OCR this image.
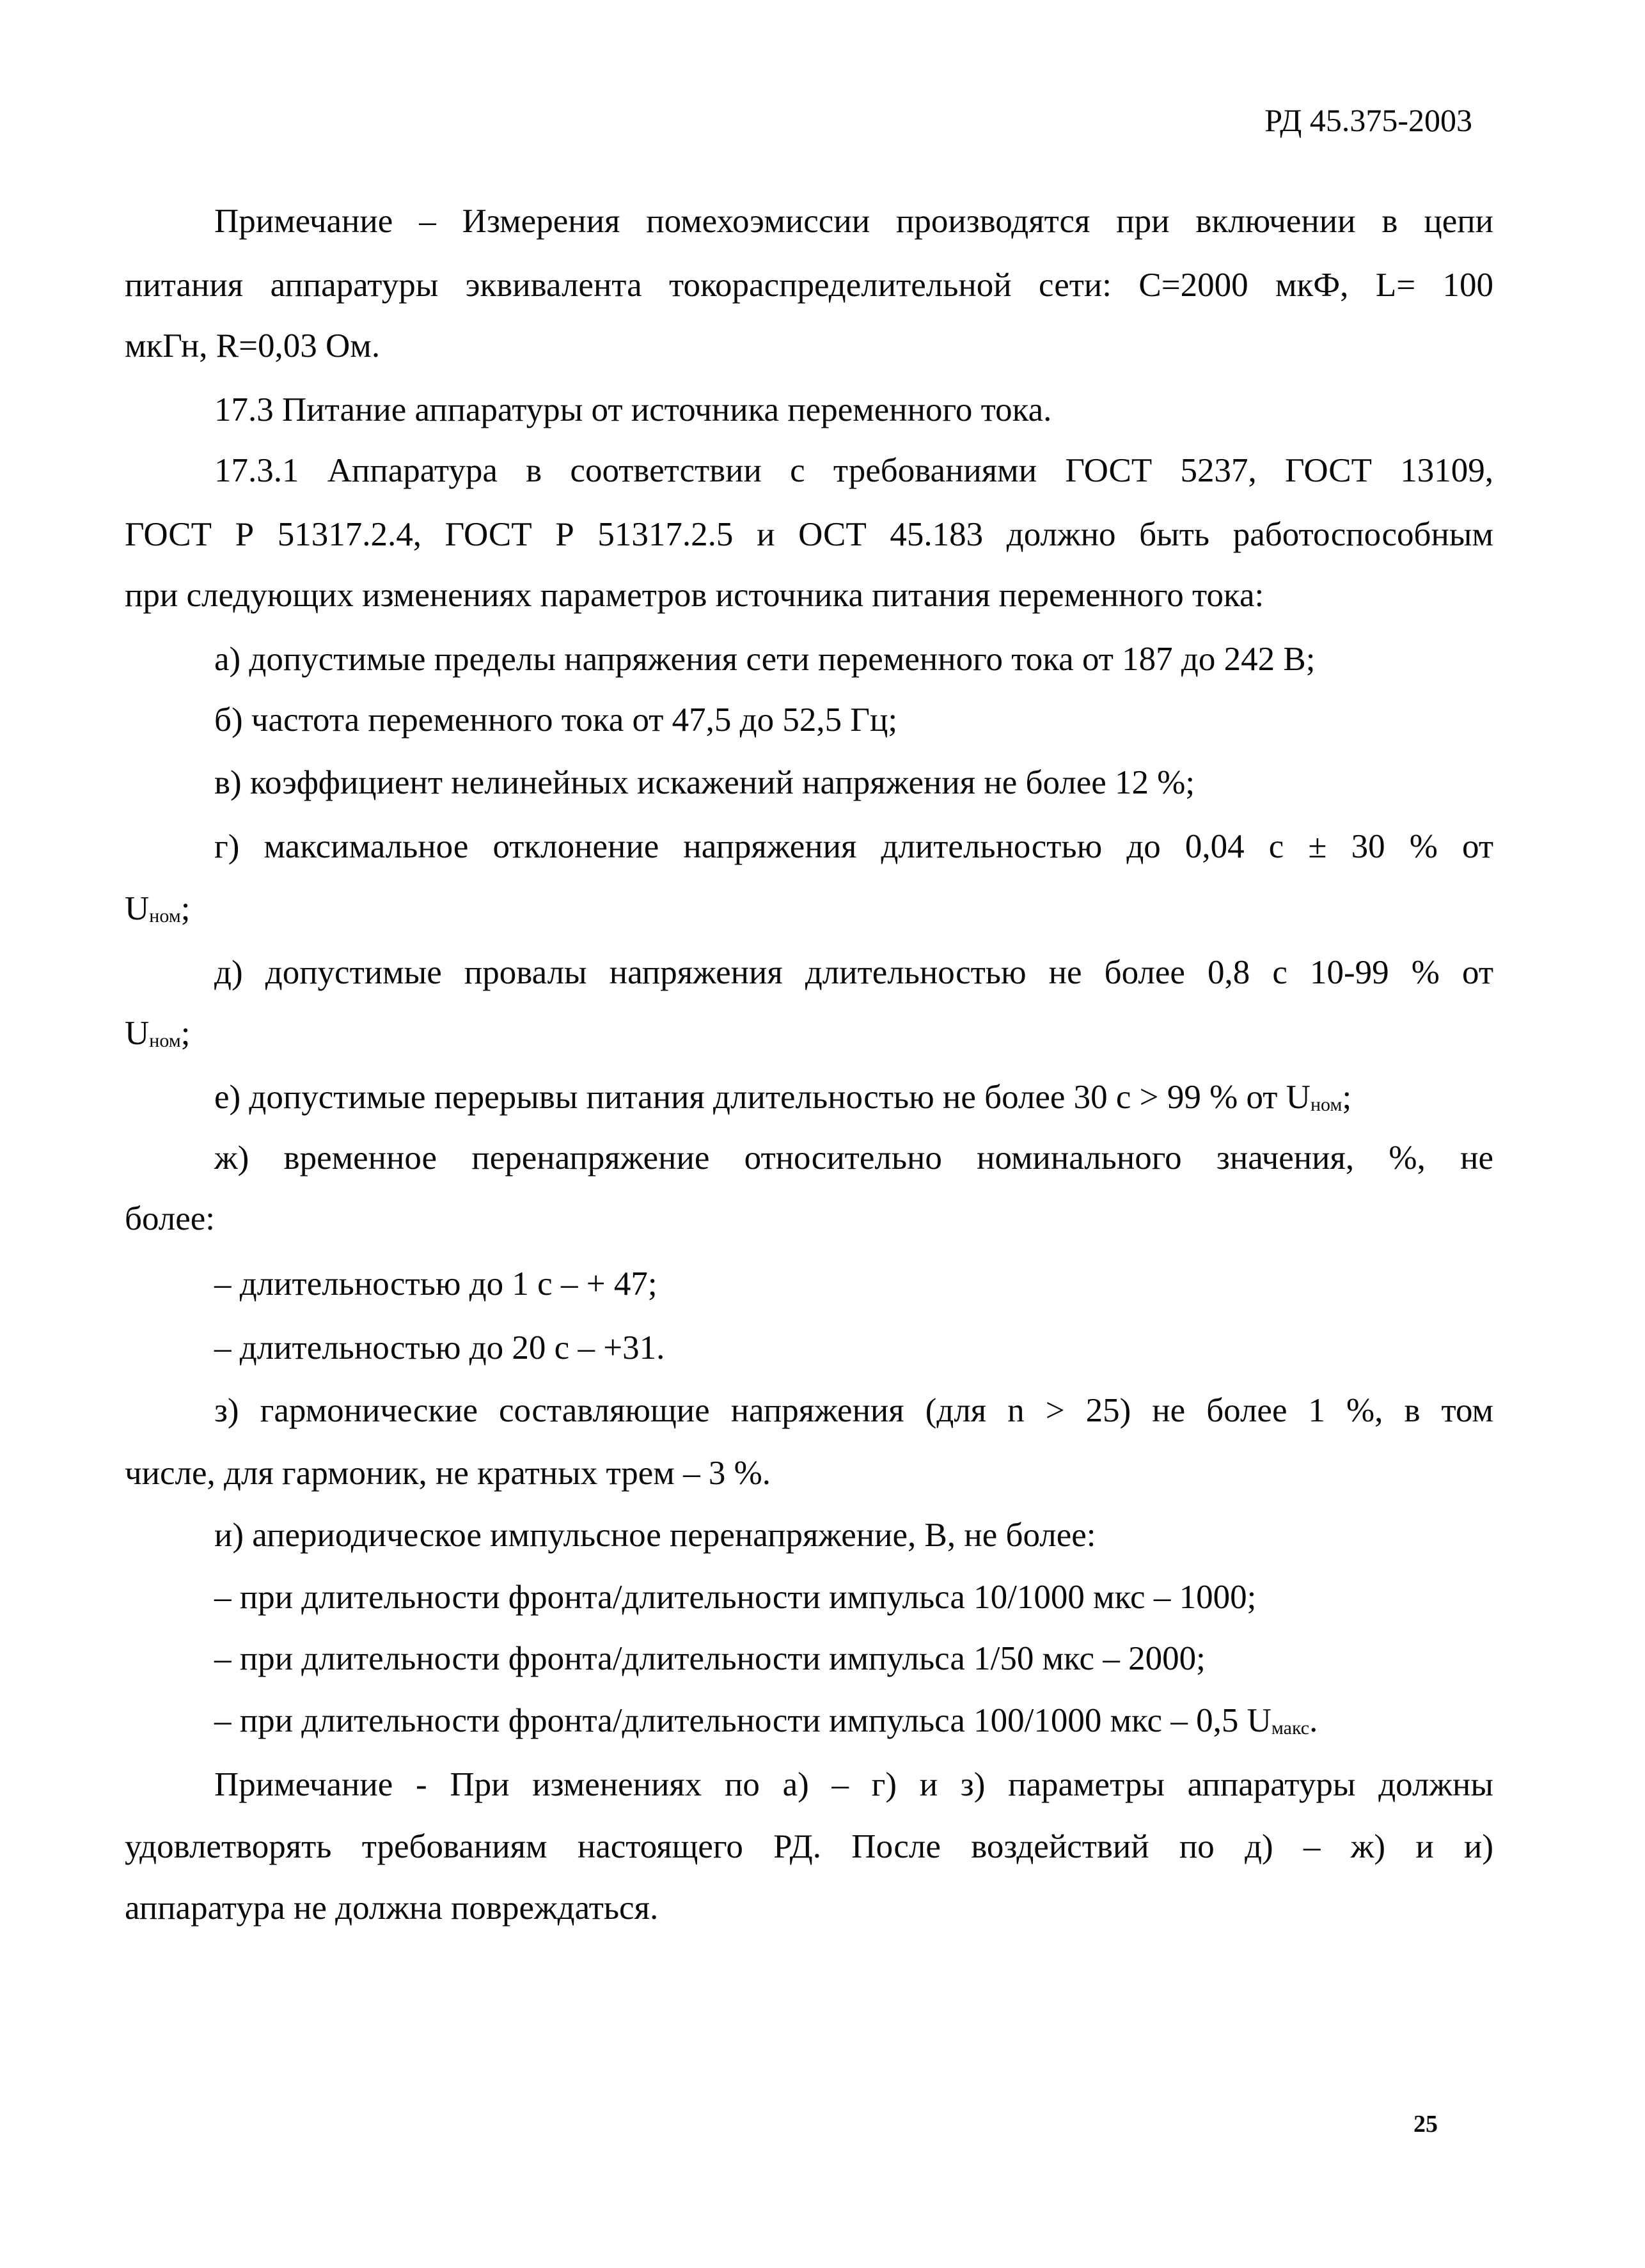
РД 45.375-2003
Примечание – Измерения помехоэмиссии производятся при включении в цепи
питания аппаратуры эквивалента токораспределительной сети: C=2000 мкФ, L= 100
мкГн, R=0,03 Ом.
17.3 Питание аппаратуры от источника переменного тока.
17.3.1 Аппаратура в соответствии с требованиями ГОСТ 5237, ГОСТ 13109,
ГОСТ Р 51317.2.4, ГОСТ Р 51317.2.5 и ОСТ 45.183 должно быть работоспособным
при следующих изменениях параметров источника питания переменного тока:
а) допустимые пределы напряжения сети переменного тока от 187 до 242 В;
б) частота переменного тока от 47,5 до 52,5 Гц;
в) коэффициент нелинейных искажений напряжения не более 12 %;
г) максимальное отклонение напряжения длительностью до 0,04 с ± 30 % от
$U_{ном}$;
д) допустимые провалы напряжения длительностью не более 0,8 с 10-99 % от
$U_{ном}$;
е) допустимые перерывы питания длительностью не более 30 с > 99 % от $U_{ном}$;
ж) временное перенапряжение относительно номинального значения, %, не
более:
– длительностью до 1 с – + 47;
– длительностью до 20 с – +31.
з) гармонические составляющие напряжения (для n > 25) не более 1 %, в том
числе, для гармоник, не кратных трем – 3 %.
и) апериодическое импульсное перенапряжение, В, не более:
– при длительности фронта/длительности импульса 10/1000 мкс – 1000;
– при длительности фронта/длительности импульса 1/50 мкс – 2000;
– при длительности фронта/длительности импульса 100/1000 мкс – 0,5 $U_{макс}$.
Примечание - При изменениях по а) – г) и з) параметры аппаратуры должны
удовлетворять требованиям настоящего РД. После воздействий по д) – ж) и и)
аппаратура не должна повреждаться.
25
